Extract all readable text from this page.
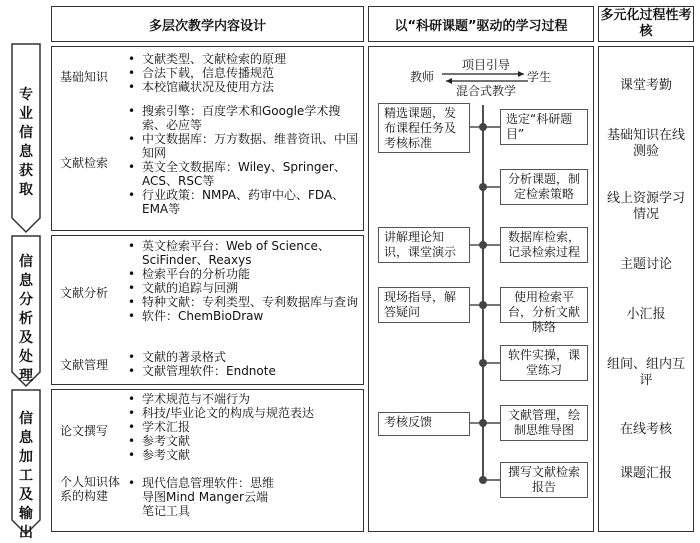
多层次教学内容设计	以“科研课题”驱动的学习过程
多元化过程性考核
专业信息获取
信息分析及处理
信息加工及输出
基础知识
• 文献类型、文献检索的原理
• 合法下载，信息传播规范
• 本校馆藏状况及使用方法
文献检索
• 搜索引擎：百度学术和Google学术搜索、必应等
• 中文数据库：万方数据、维普资讯、中国知网
• 英文全文数据库：Wiley、Springer、ACS、RSC等
• 行业政策：NMPA、药审中心、FDA、EMA等
文献分析
• 英文检索平台：Web of Science、SciFinder、Reaxys
• 检索平台的分析功能
• 文献的追踪与回溯
• 特种文献：专利类型、专利数据库与查询
• 软件：ChemBioDraw
文献管理
• 文献的著录格式
• 文献管理软件：Endnote
论文撰写
• 学术规范与不端行为
• 科技/毕业论文的构成与规范表达
• 学术汇报
• 参考文献
• 参考文献
个人知识体系的构建
• 现代信息管理软件：思维导图Mind Manger云端笔记工具
教师	学生
项目引导
混合式教学
精选课题，发布课程任务及考核标准
讲解理论知识，课堂演示
现场指导，解答疑问
考核反馈
选定“科研题目”
分析课题，制定检索策略
数据库检索，记录检索过程
使用检索平台，分析文献脉络
软件实操，课堂练习
文献管理，绘制思维导图
撰写文献检索报告
课堂考勤
基础知识在线测验
线上资源学习情况
主题讨论
小汇报
组间、组内互评
在线考核
课题汇报
